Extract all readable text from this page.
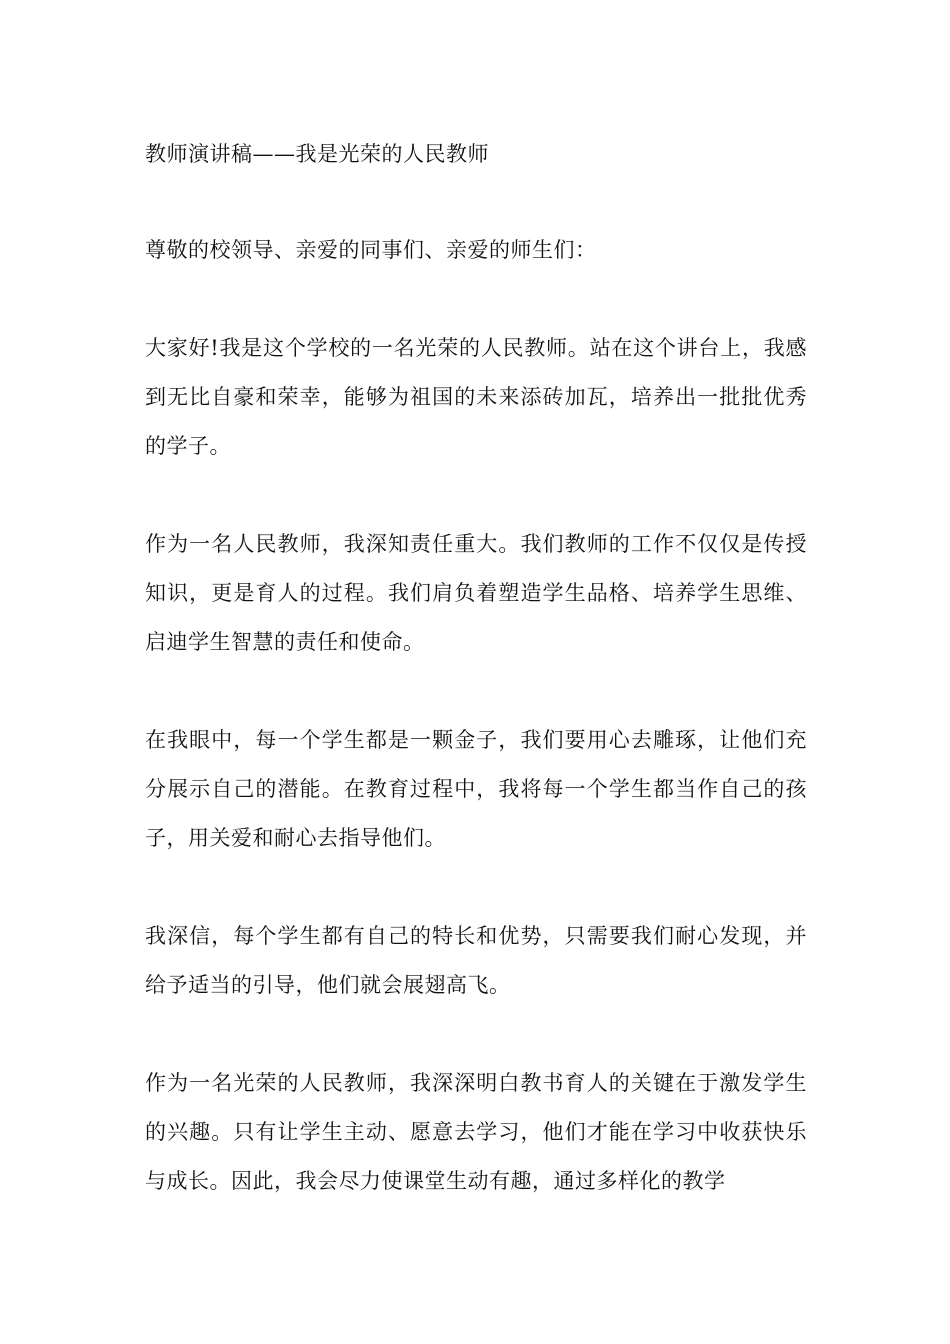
教师演讲稿——我是光荣的人民教师

尊敬的校领导、亲爱的同事们、亲爱的师生们：

大家好!我是这个学校的一名光荣的人民教师。站在这个讲台上，我感到无比自豪和荣幸，能够为祖国的未来添砖加瓦，培养出一批批优秀的学子。

作为一名人民教师，我深知责任重大。我们教师的工作不仅仅是传授知识，更是育人的过程。我们肩负着塑造学生品格、培养学生思维、启迪学生智慧的责任和使命。

在我眼中，每一个学生都是一颗金子，我们要用心去雕琢，让他们充分展示自己的潜能。在教育过程中，我将每一个学生都当作自己的孩子，用关爱和耐心去指导他们。

我深信，每个学生都有自己的特长和优势，只需要我们耐心发现，并给予适当的引导，他们就会展翅高飞。

作为一名光荣的人民教师，我深深明白教书育人的关键在于激发学生的兴趣。只有让学生主动、愿意去学习，他们才能在学习中收获快乐与成长。因此，我会尽力使课堂生动有趣，通过多样化的教学
